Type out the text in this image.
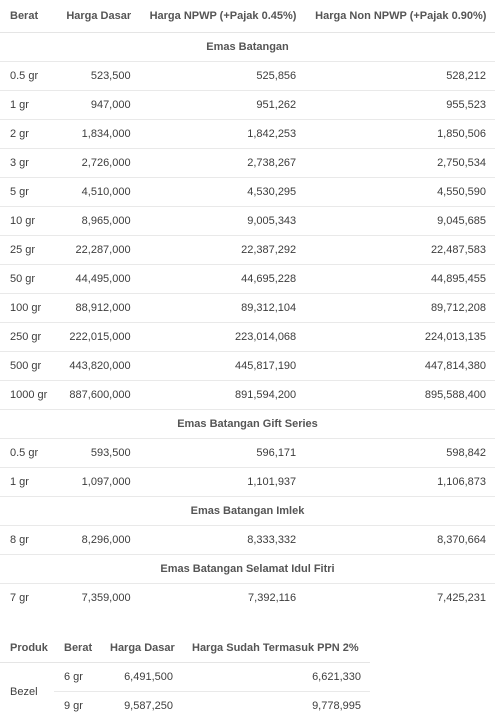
Berat	Harga Dasar	Harga NPWP (+Pajak 0.45%)	Harga Non NPWP (+Pajak 0.90%)
Emas Batangan			
0.5 gr	523,500	525,856	528,212
1 gr	947,000	951,262	955,523
2 gr	1,834,000	1,842,253	1,850,506
3 gr	2,726,000	2,738,267	2,750,534
5 gr	4,510,000	4,530,295	4,550,590
10 gr	8,965,000	9,005,343	9,045,685
25 gr	22,287,000	22,387,292	22,487,583
50 gr	44,495,000	44,695,228	44,895,455
100 gr	88,912,000	89,312,104	89,712,208
250 gr	222,015,000	223,014,068	224,013,135
500 gr	443,820,000	445,817,190	447,814,380
1000 gr	887,600,000	891,594,200	895,588,400
Emas Batangan Gift Series			
0.5 gr	593,500	596,171	598,842
1 gr	1,097,000	1,101,937	1,106,873
Emas Batangan Imlek			
8 gr	8,296,000	8,333,332	8,370,664
Emas Batangan Selamat Idul Fitri			
7 gr	7,359,000	7,392,116	7,425,231
Produk	Berat	Harga Dasar	Harga Sudah Termasuk PPN 2%
Bezel	6 gr	6,491,500	6,621,330
	9 gr	9,587,250	9,778,995
